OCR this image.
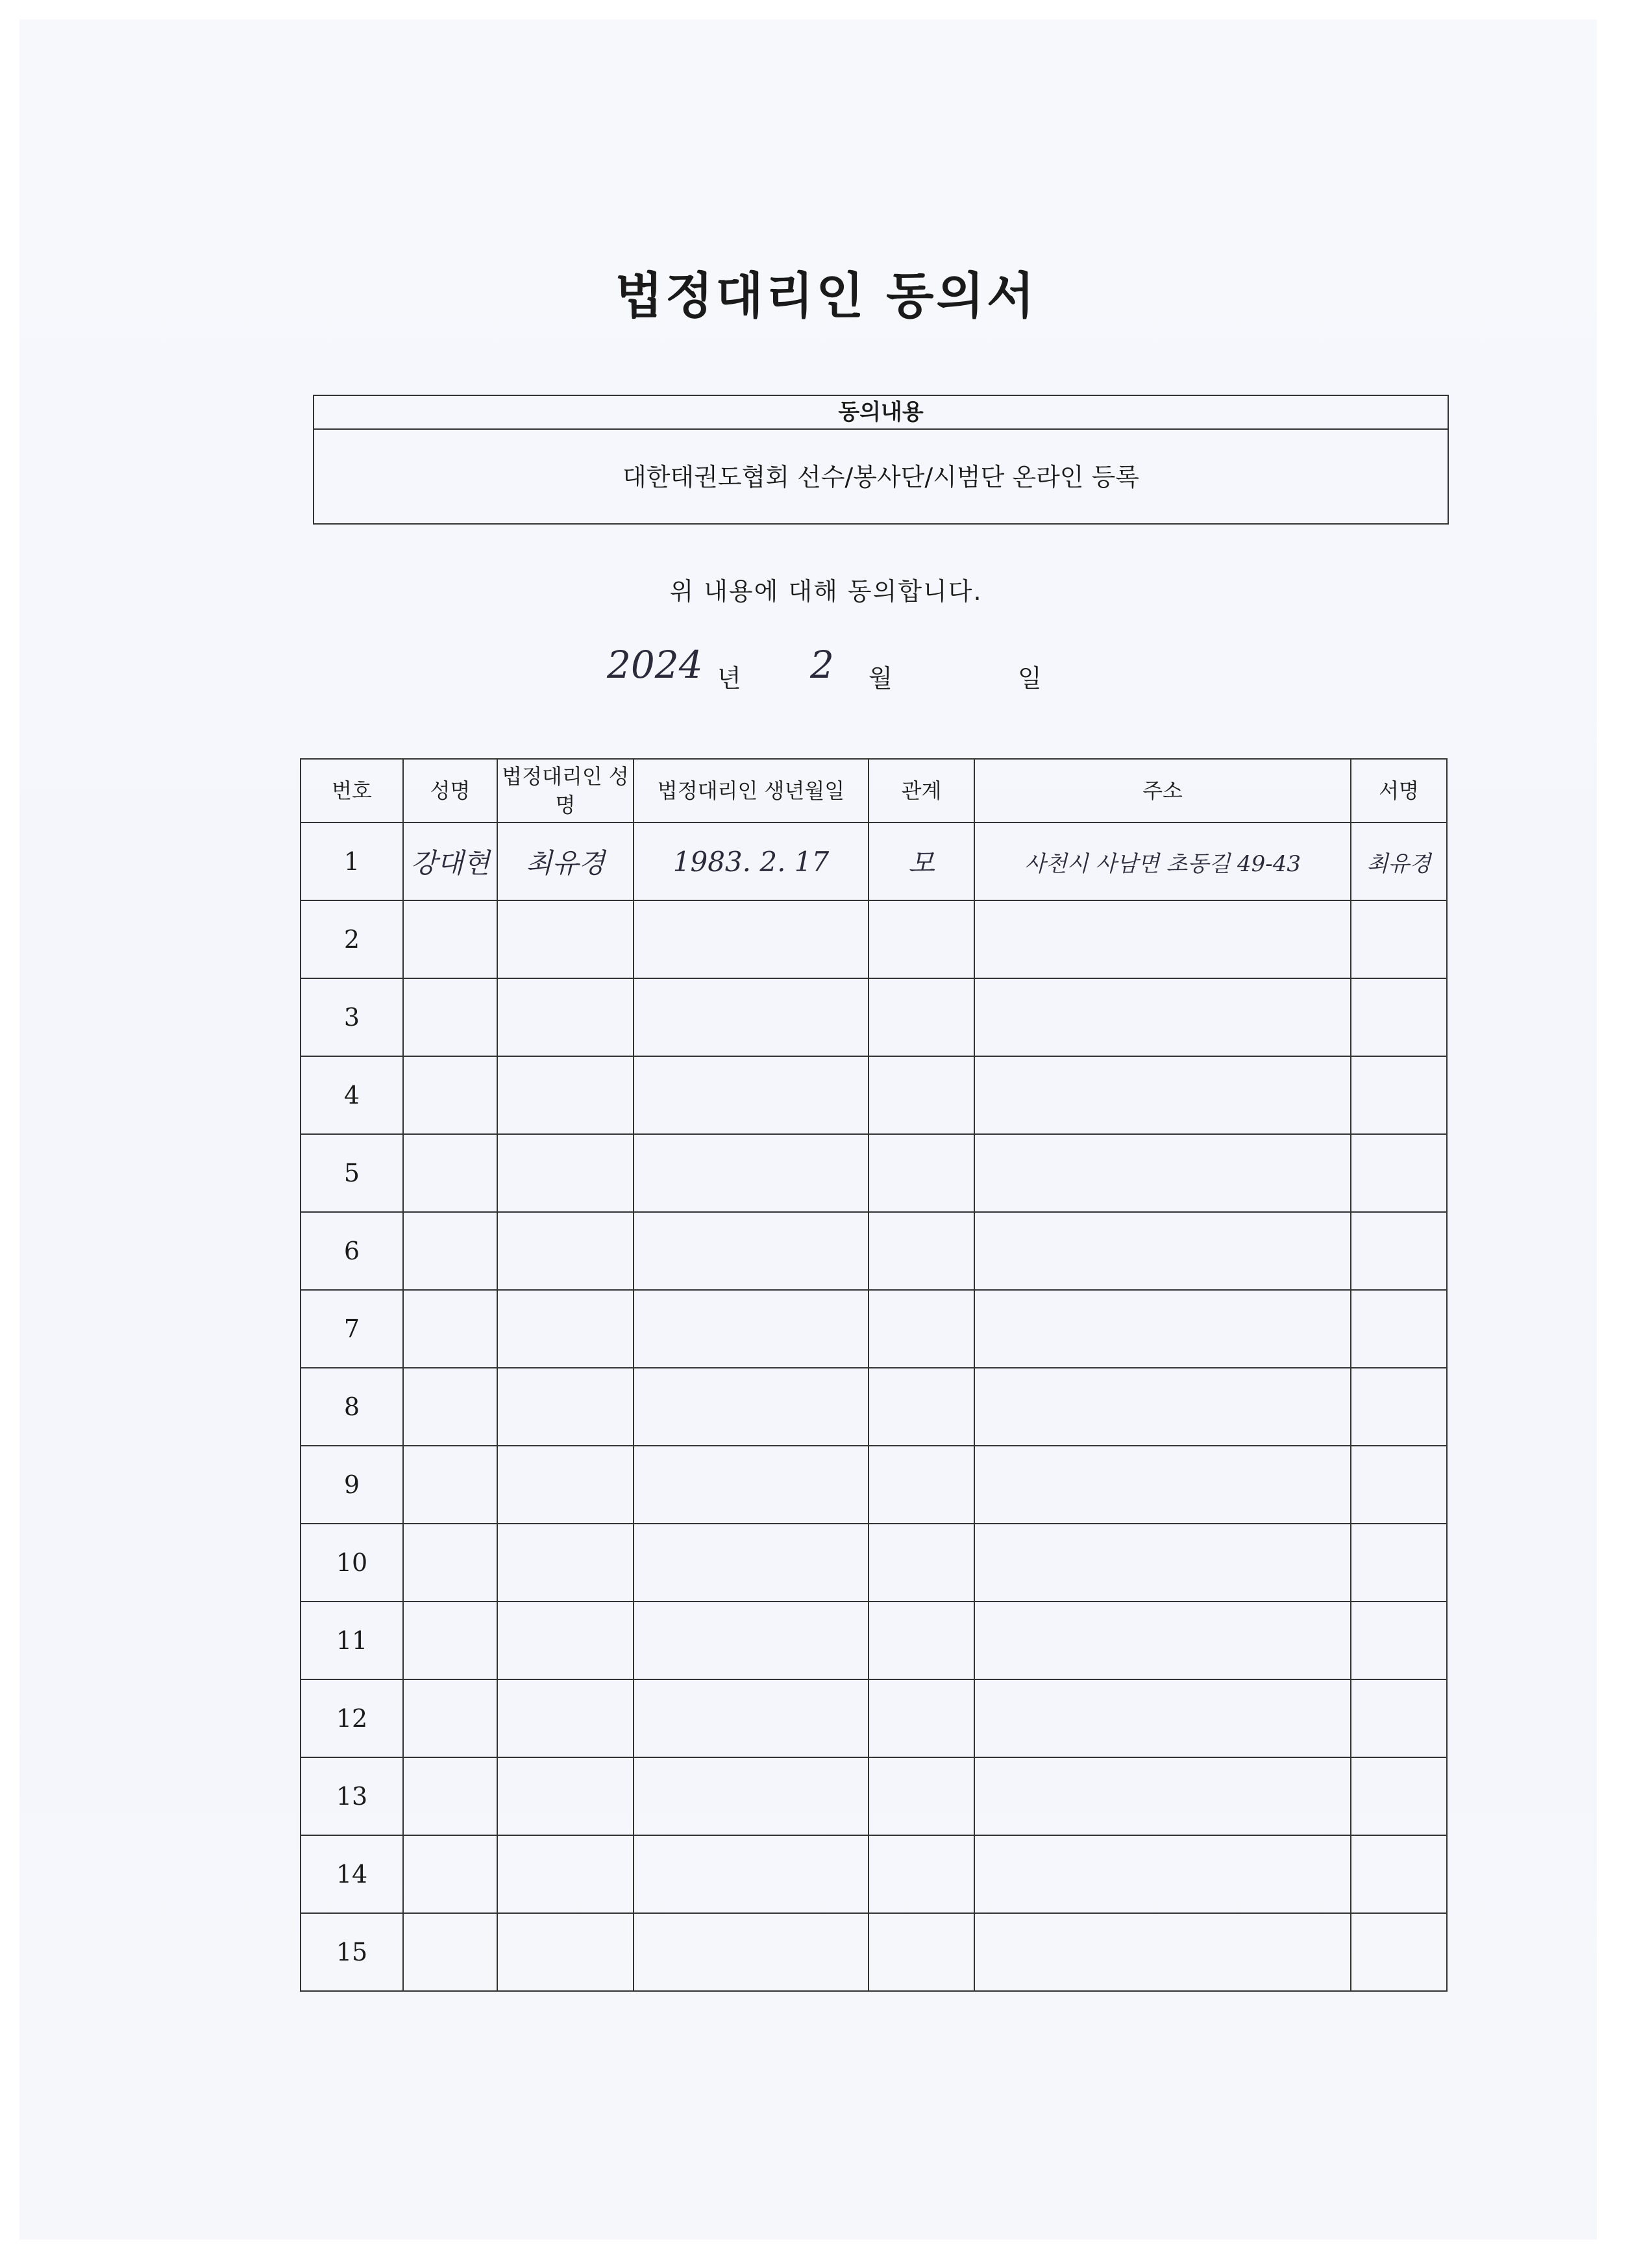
법정대리인 동의서
동의내용
대한태권도협회 선수/봉사단/시범단 온라인 등록
위 내용에 대해 동의합니다.
2024 년 2 월	일
번호	성명	법정대리인 성명	법정대리인 생년월일	관계	주소	서명
1	강대현	최유경	1983. 2. 17	모	사천시 사남면 초동길 49-43	최유경
2						
3						
4						
5						
6						
7						
8						
9						
10						
11						
12						
13						
14						
15						
